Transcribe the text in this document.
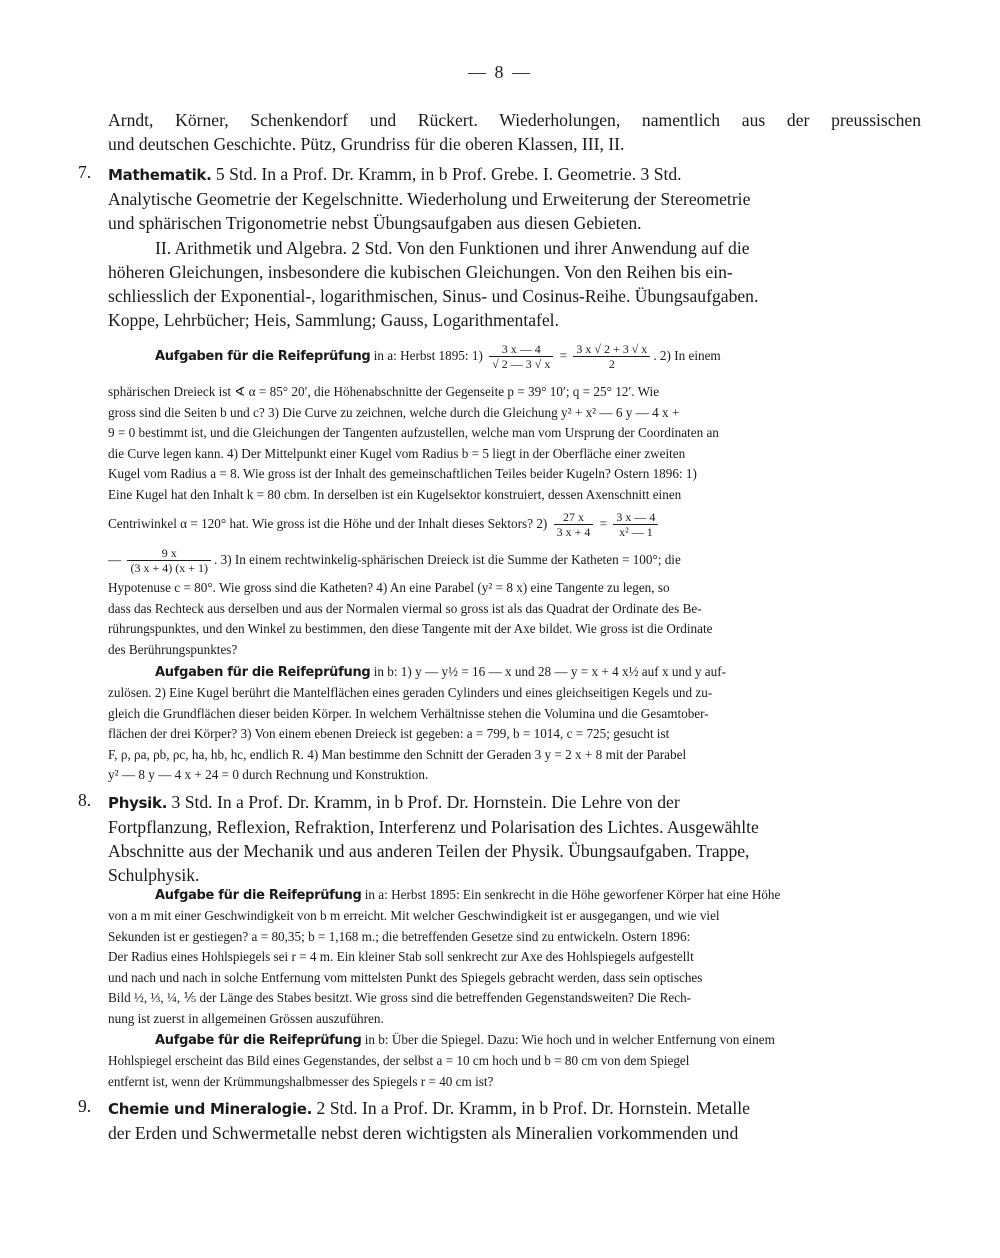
— 8 —
Arndt, Körner, Schenkendorf und Rückert. Wiederholungen, namentlich aus der preussischen
und deutschen Geschichte. Pütz, Grundriss für die oberen Klassen, III, II.
7. Mathematik. 5 Std. In a Prof. Dr. Kramm, in b Prof. Grebe. I. Geometrie. 3 Std.
Analytische Geometrie der Kegelschnitte. Wiederholung und Erweiterung der Stereometrie
und sphärischen Trigonometrie nebst Übungsaufgaben aus diesen Gebieten.
II. Arithmetik und Algebra. 2 Std. Von den Funktionen und ihrer Anwendung auf die
höheren Gleichungen, insbesondere die kubischen Gleichungen. Von den Reihen bis ein-
schliesslich der Exponential-, logarithmischen, Sinus- und Cosinus-Reihe. Übungsaufgaben.
Koppe, Lehrbücher; Heis, Sammlung; Gauss, Logarithmentafel.
Aufgaben für die Reifeprüfung in a: Herbst 1895: $1) \frac{3 x — 4}{√ 2 — 3 √ x} = \frac{3 x √ 2 + 3 √ x}{2}$ . 2) In einem
sphärischen Dreieck ist ∢ α = 85° 20′, die Höhenabschnitte der Gegenseite p = 39° 10′; q = 25° 12′. Wie
gross sind die Seiten b und c? 3) Die Curve zu zeichnen, welche durch die Gleichung y² + x² — 6 y — 4 x +
9 = 0 bestimmt ist, und die Gleichungen der Tangenten aufzustellen, welche man vom Ursprung der Coordinaten an
die Curve legen kann. 4) Der Mittelpunkt einer Kugel vom Radius b = 5 liegt in der Oberfläche einer zweiten
Kugel vom Radius a = 8. Wie gross ist der Inhalt des gemeinschaftlichen Teiles beider Kugeln? Ostern 1896: 1)
Eine Kugel hat den Inhalt k = 80 cbm. In derselben ist ein Kugelsektor konstruiert, dessen Axenschnitt einen
Centriwinkel α = 120° hat. Wie gross ist die Höhe und der Inhalt dieses Sektors? $2) \frac{27 x}{3 x + 4} = \frac{3 x — 4}{\text{x² — 1}}$
— $\frac{9 x}{(3 x + 4) (x + 1)}$ . 3) In einem rechtwinkelig-sphärischen Dreieck ist die Summe der Katheten = 100°; die
Hypotenuse c = 80°. Wie gross sind die Katheten? 4) An eine Parabel (y² = 8 x) eine Tangente zu legen, so
dass das Rechteck aus derselben und aus der Normalen viermal so gross ist als das Quadrat der Ordinate des Be-
rührungspunktes, und den Winkel zu bestimmen, den diese Tangente mit der Axe bildet. Wie gross ist die Ordinate
des Berührungspunktes?
Aufgaben für die Reifeprüfung in b: 1) y — y½ = 16 — x und 28 — y = x + 4 x½ auf x und y auf-
zulösen. 2) Eine Kugel berührt die Mantelflächen eines geraden Cylinders und eines gleichseitigen Kegels und zu-
gleich die Grundflächen dieser beiden Körper. In welchem Verhältnisse stehen die Volumina und die Gesamtober-
flächen der drei Körper? 3) Von einem ebenen Dreieck ist gegeben: a = 799, b = 1014, c = 725; gesucht ist
F, ρ, ρa, ρb, ρc, ha, hb, hc, endlich R. 4) Man bestimme den Schnitt der Geraden 3 y = 2 x + 8 mit der Parabel
y² — 8 y — 4 x + 24 = 0 durch Rechnung und Konstruktion.
8. Physik. 3 Std. In a Prof. Dr. Kramm, in b Prof. Dr. Hornstein. Die Lehre von der
Fortpflanzung, Reflexion, Refraktion, Interferenz und Polarisation des Lichtes. Ausgewählte
Abschnitte aus der Mechanik und aus anderen Teilen der Physik. Übungsaufgaben. Trappe,
Schulphysik.
Aufgabe für die Reifeprüfung in a: Herbst 1895: Ein senkrecht in die Höhe geworfener Körper hat eine Höhe
von a m mit einer Geschwindigkeit von b m erreicht. Mit welcher Geschwindigkeit ist er ausgegangen, und wie viel
Sekunden ist er gestiegen? a = 80,35; b = 1,168 m.; die betreffenden Gesetze sind zu entwickeln. Ostern 1896:
Der Radius eines Hohlspiegels sei r = 4 m. Ein kleiner Stab soll senkrecht zur Axe des Hohlspiegels aufgestellt
und nach und nach in solche Entfernung vom mittelsten Punkt des Spiegels gebracht werden, dass sein optisches
Bild ½, ⅓, ¼, ⅕ der Länge des Stabes besitzt. Wie gross sind die betreffenden Gegenstandsweiten? Die Rech-
nung ist zuerst in allgemeinen Grössen auszuführen.
Aufgabe für die Reifeprüfung in b: Über die Spiegel. Dazu: Wie hoch und in welcher Entfernung von einem
Hohlspiegel erscheint das Bild eines Gegenstandes, der selbst a = 10 cm hoch und b = 80 cm von dem Spiegel
entfernt ist, wenn der Krümmungshalbmesser des Spiegels r = 40 cm ist?
9. Chemie und Mineralogie. 2 Std. In a Prof. Dr. Kramm, in b Prof. Dr. Hornstein. Metalle
der Erden und Schwermetalle nebst deren wichtigsten als Mineralien vorkommenden und
